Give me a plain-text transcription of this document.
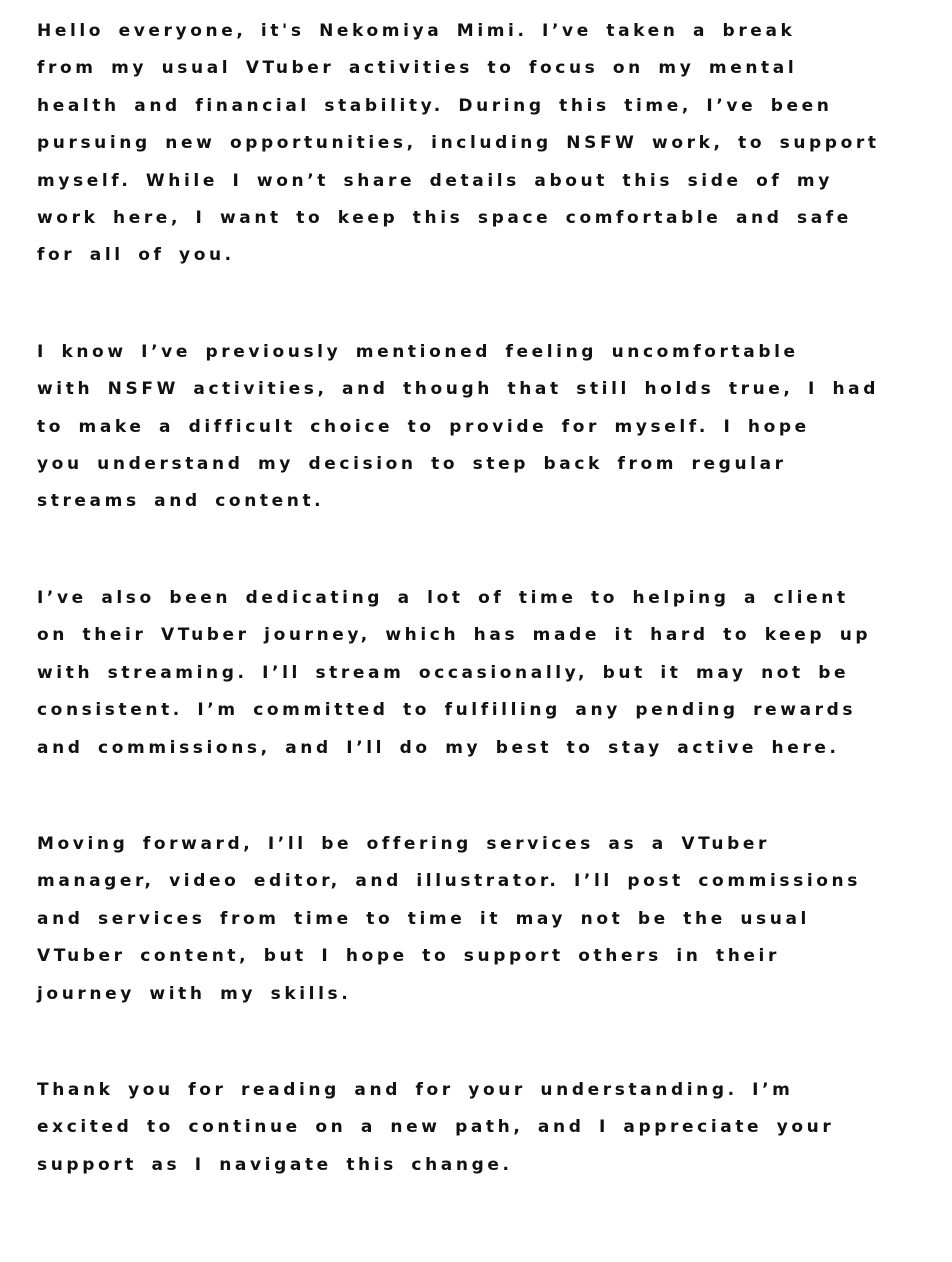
Hello everyone, it's Nekomiya Mimi. I’ve taken a break
from my usual VTuber activities to focus on my mental
health and financial stability. During this time, I’ve been
pursuing new opportunities, including NSFW work, to support
myself. While I won’t share details about this side of my
work here, I want to keep this space comfortable and safe
for all of you.

I know I’ve previously mentioned feeling uncomfortable
with NSFW activities, and though that still holds true, I had
to make a difficult choice to provide for myself. I hope
you understand my decision to step back from regular
streams and content.

I’ve also been dedicating a lot of time to helping a client
on their VTuber journey, which has made it hard to keep up
with streaming. I’ll stream occasionally, but it may not be
consistent. I’m committed to fulfilling any pending rewards
and commissions, and I’ll do my best to stay active here.

Moving forward, I’ll be offering services as a VTuber
manager, video editor, and illustrator. I’ll post commissions
and services from time to time it may not be the usual
VTuber content, but I hope to support others in their
journey with my skills.

Thank you for reading and for your understanding. I’m
excited to continue on a new path, and I appreciate your
support as I navigate this change.
